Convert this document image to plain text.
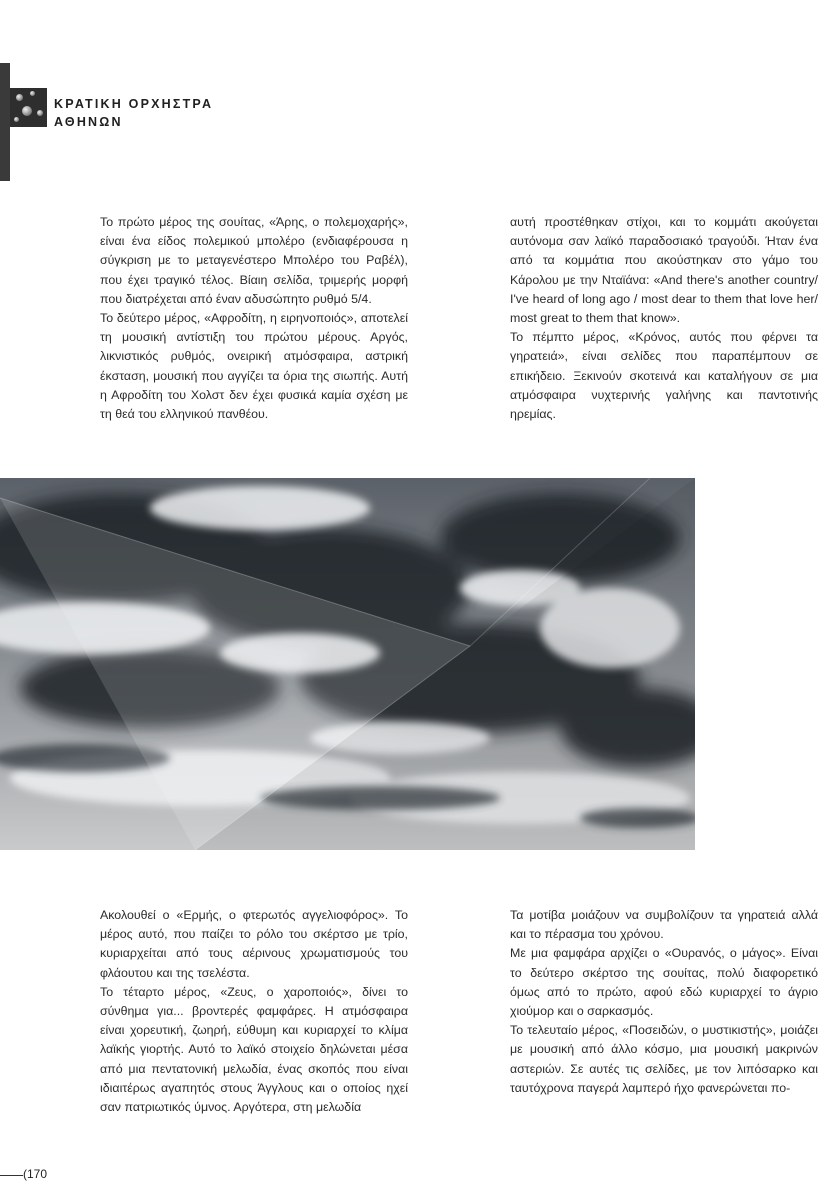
ΚΡΑΤΙΚΗ ΟΡΧΗΣΤΡΑ
ΑΘΗΝΩΝ

Το πρώτο μέρος της σουίτας, «Άρης, ο πολεμοχαρής», είναι ένα είδος πολεμικού μπολέρο (ενδιαφέρουσα η σύγκριση με το μεταγενέστερο Μπολέρο του Ραβέλ), που έχει τραγικό τέλος. Βίαιη σελίδα, τριμερής μορφή που διατρέχεται από έναν αδυσώπητο ρυθμό 5/4.

Το δεύτερο μέρος, «Αφροδίτη, η ειρηνοποιός», αποτελεί τη μουσική αντίστιξη του πρώτου μέρους. Αργός, λικνιστικός ρυθμός, ονειρική ατμόσφαιρα, αστρική έκσταση, μουσική που αγγίζει τα όρια της σιωπής. Αυτή η Αφροδίτη του Χολστ δεν έχει φυσικά καμία σχέση με τη θεά του ελληνικού πανθέου.

αυτή προστέθηκαν στίχοι, και το κομμάτι ακούγεται αυτόνομα σαν λαϊκό παραδοσιακό τραγούδι. Ήταν ένα από τα κομμάτια που ακούστηκαν στο γάμο του Κάρολου με την Νταϊάνα: «And there's another country/ I've heard of long ago / most dear to them that love her/ most great to them that know».

Το πέμπτο μέρος, «Κρόνος, αυτός που φέρνει τα γηρατειά», είναι σελίδες που παραπέμπουν σε επικήδειο. Ξεκινούν σκοτεινά και καταλήγουν σε μια ατμόσφαιρα νυχτερινής γαλήνης και παντοτινής ηρεμίας.

Ακολουθεί ο «Ερμής, ο φτερωτός αγγελιοφόρος». Το μέρος αυτό, που παίζει το ρόλο του σκέρτσο με τρίο, κυριαρχείται από τους αέρινους χρωματισμούς του φλάουτου και της τσελέστα.

Το τέταρτο μέρος, «Ζευς, ο χαροποιός», δίνει το σύνθημα για... βροντερές φαμφάρες. Η ατμόσφαιρα είναι χορευτική, ζωηρή, εύθυμη και κυριαρχεί το κλίμα λαϊκής γιορτής. Αυτό το λαϊκό στοιχείο δηλώνεται μέσα από μια πεντατονική μελωδία, ένας σκοπός που είναι ιδιαιτέρως αγαπητός στους Άγγλους και ο οποίος ηχεί σαν πατριωτικός ύμνος. Αργότερα, στη μελωδία

Τα μοτίβα μοιάζουν να συμβολίζουν τα γηρατειά αλλά και το πέρασμα του χρόνου.

Με μια φαμφάρα αρχίζει ο «Ουρανός, ο μάγος». Είναι το δεύτερο σκέρτσο της σουίτας, πολύ διαφορετικό όμως από το πρώτο, αφού εδώ κυριαρχεί το άγριο χιούμορ και ο σαρκασμός.

Το τελευταίο μέρος, «Ποσειδών, ο μυστικιστής», μοιάζει με μουσική από άλλο κόσμο, μια μουσική μακρινών αστεριών. Σε αυτές τις σελίδες, με τον λιπόσαρκο και ταυτόχρονα παγερά λαμπερό ήχο φανερώνεται πο-

(170
